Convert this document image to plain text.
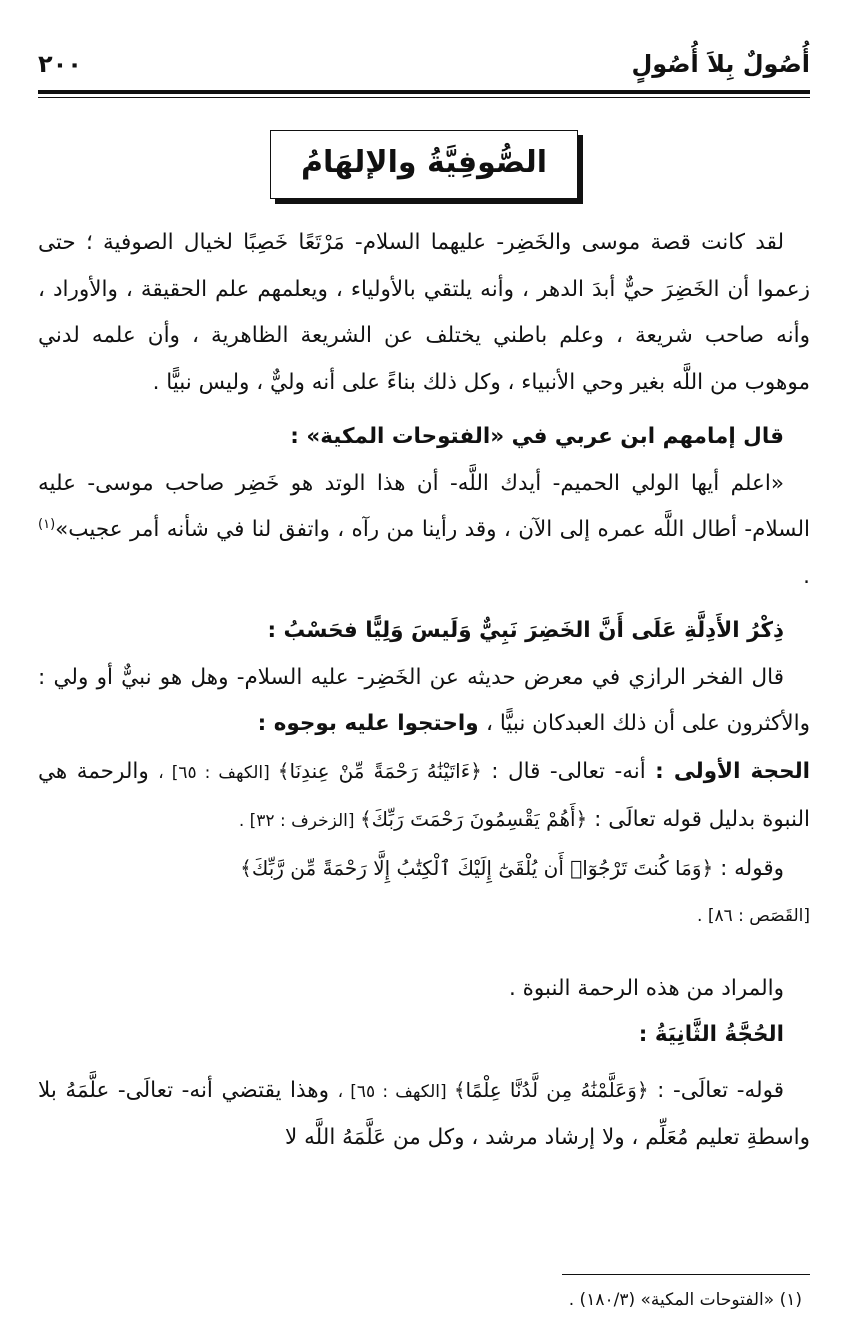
أُصُولٌ بِلاَ أُصُولٍ
٢٠٠
الصُّوفِيَّةُ والإلهَامُ

لقد كانت قصة موسى والخَضِر- عليهما السلام- مَرْتَعًا خَصِبًا لخيال الصوفية ؛ حتى زعموا أن الخَضِرَ حيٌّ أبدَ الدهر ، وأنه يلتقي بالأولياء ، ويعلمهم علم الحقيقة ، والأوراد ، وأنه صاحب شريعة ، وعلم باطني يختلف عن الشريعة الظاهرية ، وأن علمه لدني موهوب من اللَّه بغير وحي الأنبياء ، وكل ذلك بناءً على أنه وليٌّ ، وليس نبيًّا .

قال إمامهم ابن عربي في «الفتوحات المكية» :

«اعلم أيها الولي الحميم- أيدك اللَّه- أن هذا الوتد هو خَضِر صاحب موسى- عليه السلام- أطال اللَّه عمره إلى الآن ، وقد رأينا من رآه ، واتفق لنا في شأنه أمر عجيب»$^{(١)}$ .

ذِكْرُ الأَدِلَّةِ عَلَى أَنَّ الخَضِرَ نَبِيٌّ وَلَيسَ وَلِيًّا فحَسْبُ :

قال الفخر الرازي في معرض حديثه عن الخَضِر- عليه السلام- وهل هو نبيٌّ أو ولي : والأكثرون على أن ذلك العبدكان نبيًّا ، واحتجوا عليه بوجوه :

الحجة الأولى : أنه- تعالى- قال : ﴿ءَاتَيْنَٰهُ رَحْمَةً مِّنْ عِندِنَا﴾ [الكهف : ٦٥] ، والرحمة هي النبوة بدليل قوله تعالَى : ﴿أَهُمْ يَقْسِمُونَ رَحْمَتَ رَبِّكَ﴾ [الزخرف : ٣٢] .

وقوله : ﴿وَمَا كُنتَ تَرْجُوٓا۟ أَن يُلْقَىٰٓ إِلَيْكَ ٱلْكِتَٰبُ إِلَّا رَحْمَةً مِّن رَّبِّكَ﴾

[القَصَص : ٨٦] .

والمراد من هذه الرحمة النبوة .

الحُجَّةُ الثَّانِيَةُ :

قوله- تعالَى- : ﴿وَعَلَّمْنَٰهُ مِن لَّدُنَّا عِلْمًا﴾ [الكهف : ٦٥] ، وهذا يقتضي أنه- تعالَى- علَّمَهُ بلا واسطةِ تعليم مُعَلِّم ، ولا إرشاد مرشد ، وكل من عَلَّمَهُ اللَّه لا

(١) «الفتوحات المكية» (١٨٠/٣) .
